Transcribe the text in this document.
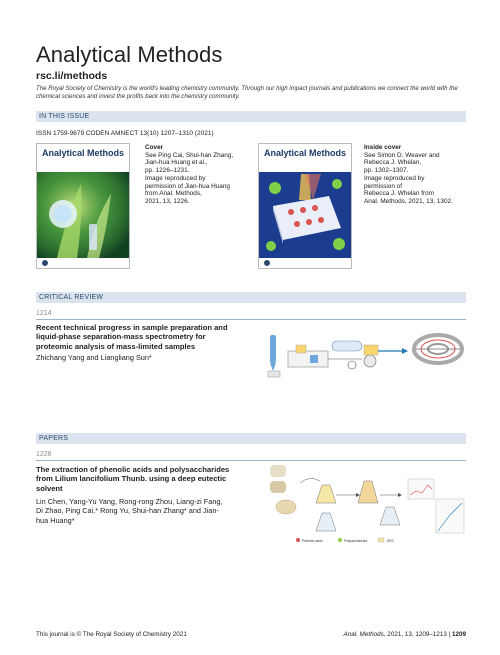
Analytical Methods
rsc.li/methods
The Royal Society of Chemistry is the world's leading chemistry community. Through our high impact journals and publications we connect the world with the chemical sciences and invest the profits back into the chemistry community.
IN THIS ISSUE
ISSN 1759-9679 CODEN AMNECT 13(10) 1207–1310 (2021)
Analytical Methods
Cover
See Ping Cai, Shui-han Zhang,
Jian-hua Huang et al.,
pp. 1226–1231.
Image reproduced by
permission of Jian-hua Huang
from Anal. Methods,
2021, 13, 1226.
Analytical Methods
Inside cover
See Simon D. Weaver and
Rebecca J. Whelan,
pp. 1302–1307.
Image reproduced by
permission of
Rebecca J. Whelan from
Anal. Methods, 2021, 13, 1302.
CRITICAL REVIEW
1214
Recent technical progress in sample preparation and
liquid-phase separation-mass spectrometry for
proteomic analysis of mass-limited samples
Zhichang Yang and Liangliang Sun*
PAPERS
1226
The extraction of phenolic acids and polysaccharides
from Lilium lancifolium Thunb. using a deep eutectic
solvent
Lin Chen, Yang-Yu Yang, Rong-rong Zhou, Liang-zi Fang,
Di Zhao, Ping Cai,* Rong Yu, Shui-han Zhang* and Jian-
hua Huang*
Phenolic acids	Polysaccharides	DES
This journal is © The Royal Society of Chemistry 2021	Anal. Methods, 2021, 13, 1209–1213 | 1209
